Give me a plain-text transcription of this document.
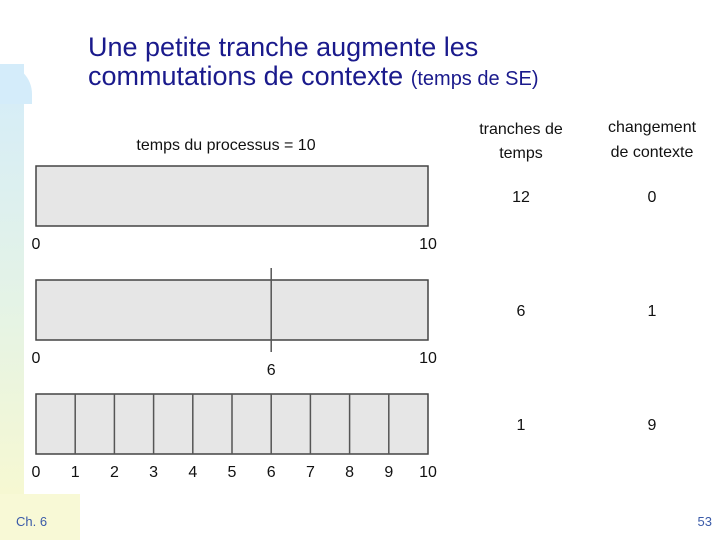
Une petite tranche augmente les
commutations de contexte (temps de SE)
temps du processus = 10
tranches de
temps
changement
de contexte
0	10
12	0
0
6
10
6	1
0 1 2 3 4 5 6 7 8 9 10
1	9
Ch. 6	53
